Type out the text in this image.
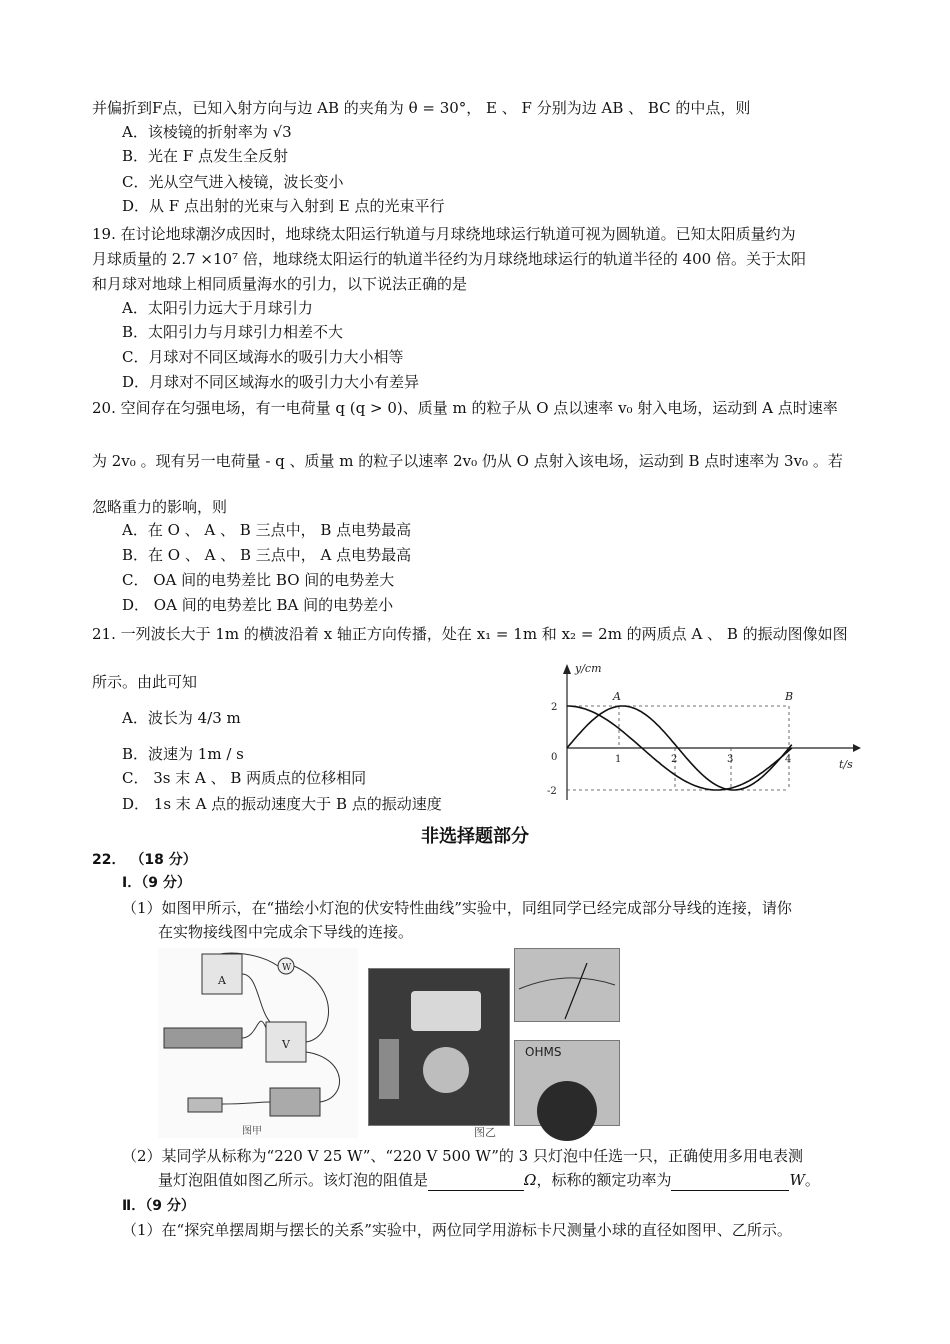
并偏折到F点，已知入射方向与边 AB 的夹角为 θ = 30°， E 、 F 分别为边 AB 、 BC 的中点，则
A．该棱镜的折射率为 √3
B．光在 F 点发生全反射
C．光从空气进入棱镜，波长变小
D．从 F 点出射的光束与入射到 E 点的光束平行
19. 在讨论地球潮汐成因时，地球绕太阳运行轨道与月球绕地球运行轨道可视为圆轨道。已知太阳质量约为
月球质量的 2.7 ×10⁷ 倍，地球绕太阳运行的轨道半径约为月球绕地球运行的轨道半径的 400 倍。关于太阳
和月球对地球上相同质量海水的引力，以下说法正确的是
A．太阳引力远大于月球引力
B．太阳引力与月球引力相差不大
C．月球对不同区域海水的吸引力大小相等
D．月球对不同区域海水的吸引力大小有差异
20. 空间存在匀强电场，有一电荷量 q (q > 0)、质量 m 的粒子从 O 点以速率 v₀ 射入电场，运动到 A 点时速率
为 2v₀ 。现有另一电荷量 - q 、质量 m 的粒子以速率 2v₀ 仍从 O 点射入该电场，运动到 B 点时速率为 3v₀ 。若
忽略重力的影响，则
A．在 O 、 A 、 B 三点中， B 点电势最高
B．在 O 、 A 、 B 三点中， A 点电势最高
C． OA 间的电势差比 BO 间的电势差大
D． OA 间的电势差比 BA 间的电势差小
21. 一列波长大于 1m 的横波沿着 x 轴正方向传播，处在 x₁ = 1m 和 x₂ = 2m 的两质点 A 、 B 的振动图像如图
所示。由此可知
A．波长为 4/3 m
B．波速为 1m / s
C． 3s 末 A 、 B 两质点的位移相同
D． 1s 末 A 点的振动速度大于 B 点的振动速度
y/cm
t/s
A	B
2
0
-2
1	2	3	4
非选择题部分
22． （18 分）
Ⅰ．（9 分）
（1）如图甲所示，在“描绘小灯泡的伏安特性曲线”实验中，同组同学已经完成部分导线的连接，请你
在实物接线图中完成余下导线的连接。
A
W
V
图甲
OHMS
图乙
（2）某同学从标称为“220 V 25 W”、“220 V 500 W”的 3 只灯泡中任选一只，正确使用多用电表测
量灯泡阻值如图乙所示。该灯泡的阻值是	Ω，标称的额定功率为	W。
Ⅱ．（9 分）
（1）在“探究单摆周期与摆长的关系”实验中，两位同学用游标卡尺测量小球的直径如图甲、乙所示。
